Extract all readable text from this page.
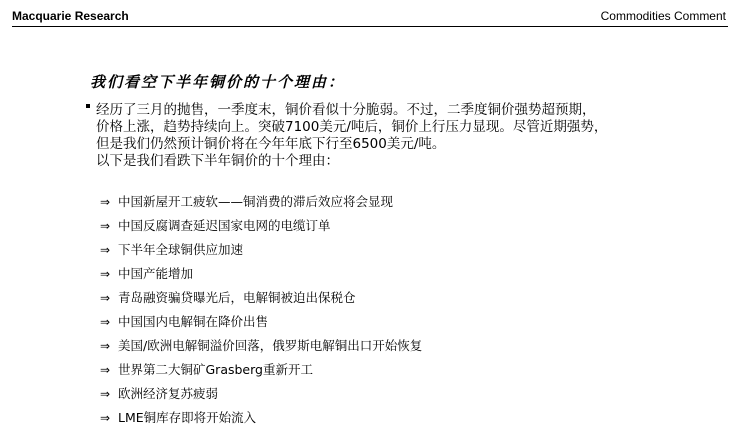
Macquarie Research	Commodities Comment
我们看空下半年铜价的十个理由：
经历了三月的抛售，一季度末，铜价看似十分脆弱。不过，二季度铜价强势超预期，
价格上涨，趋势持续向上。突破7100美元/吨后，铜价上行压力显现。尽管近期强势，
但是我们仍然预计铜价将在今年年底下行至6500美元/吨。
以下是我们看跌下半年铜价的十个理由：
⇒ 中国新屋开工疲软——铜消费的滞后效应将会显现
⇒ 中国反腐调查延迟国家电网的电缆订单
⇒ 下半年全球铜供应加速
⇒ 中国产能增加
⇒ 青岛融资骗贷曝光后，电解铜被迫出保税仓
⇒ 中国国内电解铜在降价出售
⇒ 美国/欧洲电解铜溢价回落，俄罗斯电解铜出口开始恢复
⇒ 世界第二大铜矿Grasberg重新开工
⇒ 欧洲经济复苏疲弱
⇒ LME铜库存即将开始流入
